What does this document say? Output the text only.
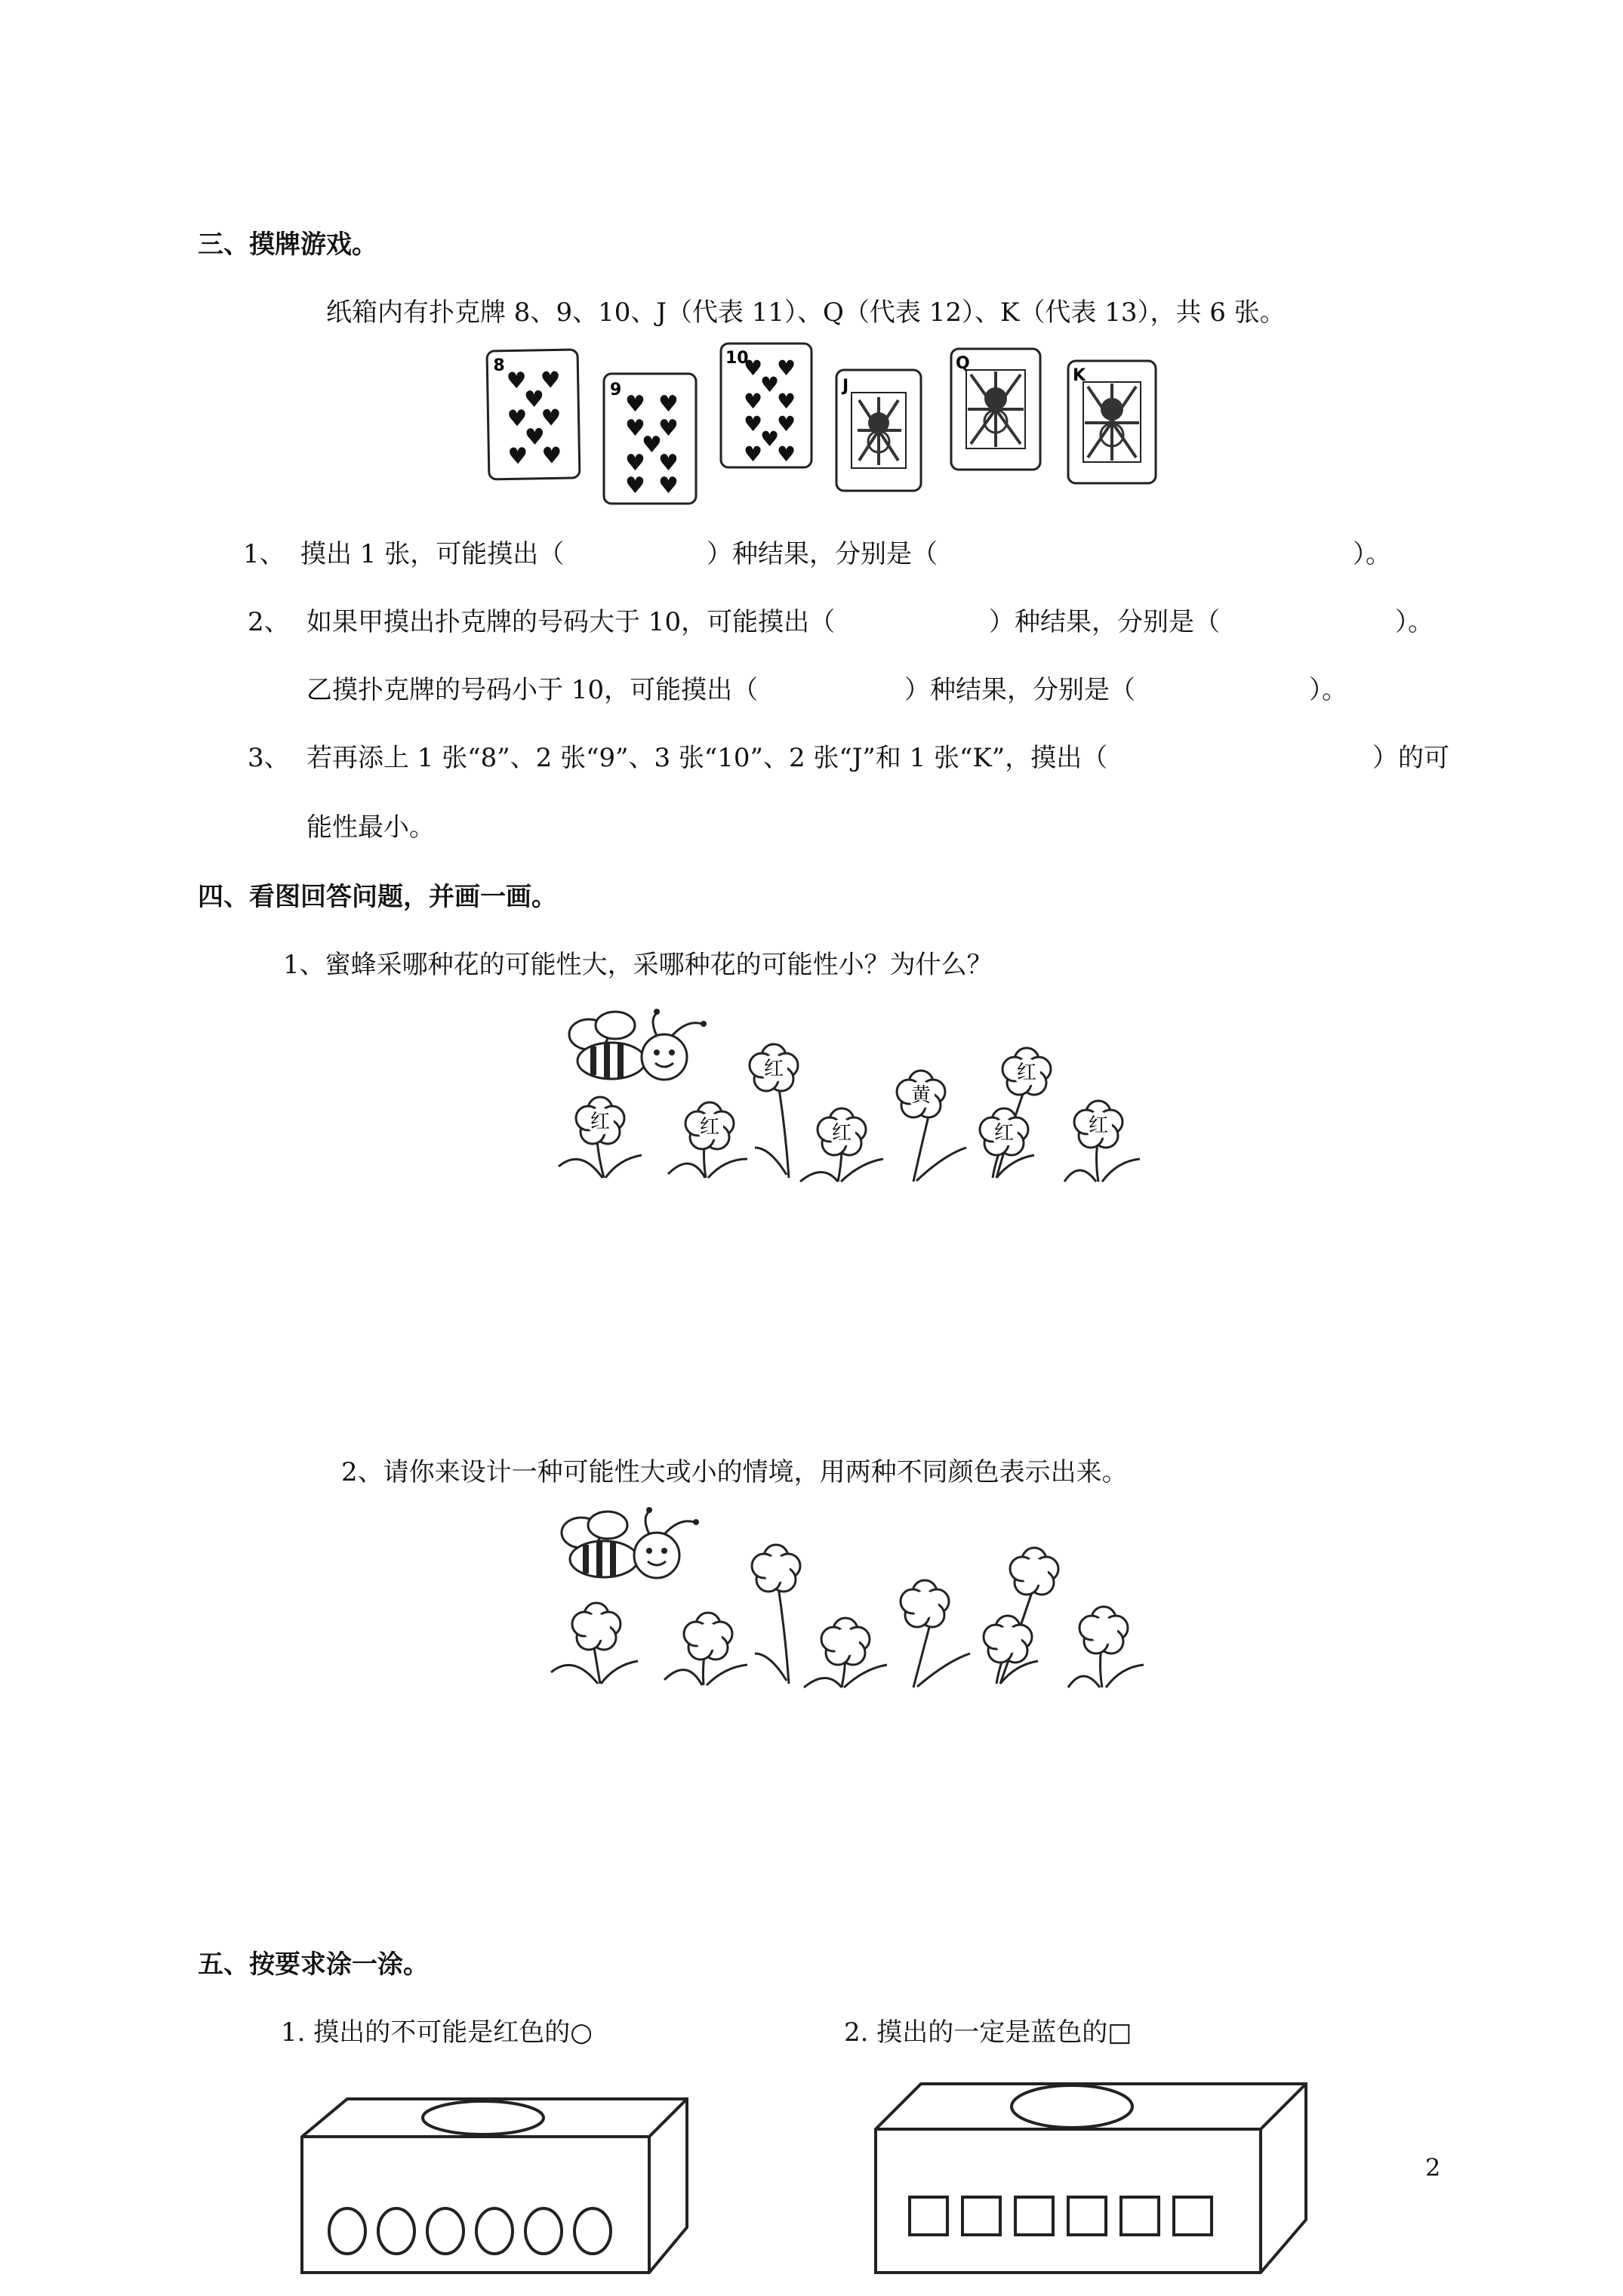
三、摸牌游戏。
纸箱内有扑克牌 8、9、10、J（代表 11）、Q（代表 12）、K（代表 13），共 6 张。
8
♥ ♥
♥
♥ ♥
♥
♥ ♥
9
♥ ♥
♥ ♥
♥
♥ ♥
♥ ♥
10
♥ ♥
♥
♥ ♥
♥ ♥
♥
♥ ♥
J
Q
K
1、 摸出 1 张，可能摸出（	）种结果，分别是（	）。
2、 如果甲摸出扑克牌的号码大于 10，可能摸出（	）种结果，分别是（	）。
乙摸扑克牌的号码小于 10，可能摸出（	）种结果，分别是（	）。
3、 若再添上 1 张“8”、2 张“9”、3 张“10”、2 张“J”和 1 张“K”，摸出（	）的可
能性最小。
四、看图回答问题，并画一画。
1、蜜蜂采哪种花的可能性大，采哪种花的可能性小？为什么？
红	红
红
红
黄
红
红	红
2、请你来设计一种可能性大或小的情境，用两种不同颜色表示出来。
五、按要求涂一涂。
1. 摸出的不可能是红色的○	2. 摸出的一定是蓝色的□
2
